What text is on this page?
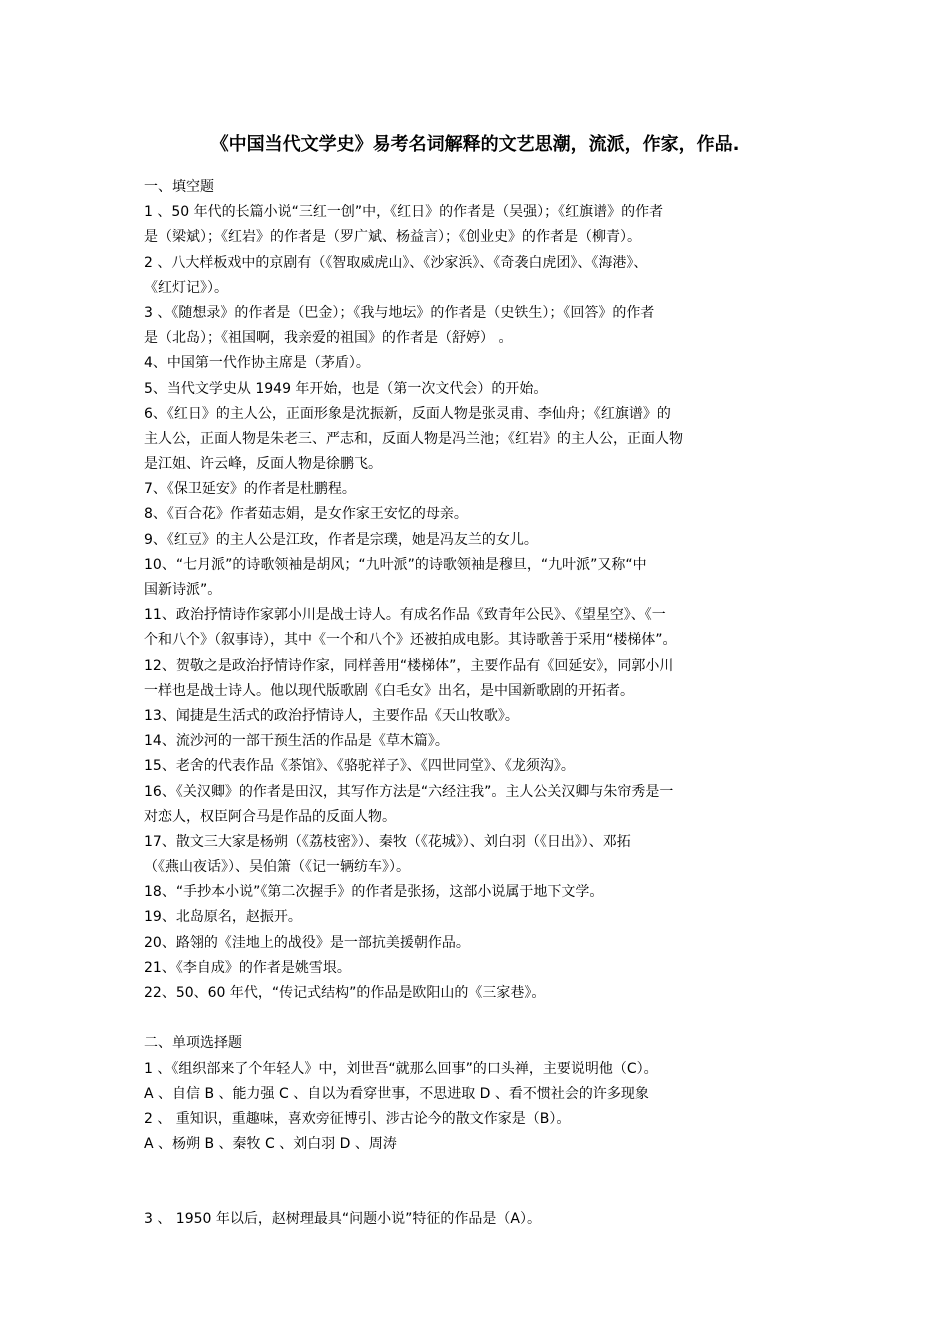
《中国当代文学史》易考名词解释的文艺思潮，流派，作家，作品.
一、填空题
1 、50 年代的长篇小说“三红一创”中，《红日》的作者是（吴强）；《红旗谱》的作者
是（梁斌）；《红岩》的作者是（罗广斌、杨益言）；《创业史》的作者是（柳青）。
2 、八大样板戏中的京剧有（《智取威虎山》、《沙家浜》、《奇袭白虎团》、《海港》、
《红灯记》）。
3 、《随想录》的作者是（巴金）；《我与地坛》的作者是（史铁生）；《回答》的作者
是（北岛）；《祖国啊，我亲爱的祖国》的作者是（舒婷） 。
4、中国第一代作协主席是（茅盾）。
5、当代文学史从 1949 年开始，也是（第一次文代会）的开始。
6、《红日》的主人公，正面形象是沈振新，反面人物是张灵甫、李仙舟；《红旗谱》的
主人公，正面人物是朱老三、严志和，反面人物是冯兰池；《红岩》的主人公，正面人物
是江姐、许云峰，反面人物是徐鹏飞。
7、《保卫延安》的作者是杜鹏程。
8、《百合花》作者茹志娟，是女作家王安忆的母亲。
9、《红豆》的主人公是江玫，作者是宗璞，她是冯友兰的女儿。
10、“七月派”的诗歌领袖是胡风；“九叶派”的诗歌领袖是穆旦，“九叶派”又称“中
国新诗派”。
11、政治抒情诗作家郭小川是战士诗人。有成名作品《致青年公民》、《望星空》、《一
个和八个》（叙事诗），其中《一个和八个》还被拍成电影。其诗歌善于采用“楼梯体”。
12、贺敬之是政治抒情诗作家，同样善用“楼梯体”，主要作品有《回延安》，同郭小川
一样也是战士诗人。他以现代版歌剧《白毛女》出名，是中国新歌剧的开拓者。
13、闻捷是生活式的政治抒情诗人，主要作品《天山牧歌》。
14、流沙河的一部干预生活的作品是《草木篇》。
15、老舍的代表作品《茶馆》、《骆驼祥子》、《四世同堂》、《龙须沟》。
16、《关汉卿》的作者是田汉，其写作方法是“六经注我”。主人公关汉卿与朱帘秀是一
对恋人，权臣阿合马是作品的反面人物。
17、散文三大家是杨朔（《荔枝密》）、秦牧（《花城》）、刘白羽（《日出》）、邓拓
（《燕山夜话》）、吴伯箫（《记一辆纺车》）。
18、“手抄本小说”《第二次握手》的作者是张扬，这部小说属于地下文学。
19、北岛原名，赵振开。
20、路翎的《洼地上的战役》是一部抗美援朝作品。
21、《李自成》的作者是姚雪垠。
22、50、60 年代，“传记式结构”的作品是欧阳山的《三家巷》。
二、单项选择题
1 、《组织部来了个年轻人》中，刘世吾“就那么回事”的口头禅，主要说明他（C）。
A 、自信 B 、能力强 C 、自以为看穿世事，不思进取 D 、看不惯社会的许多现象
2 、 重知识，重趣味，喜欢旁征博引、涉古论今的散文作家是（B）。
A 、杨朔 B 、秦牧 C 、刘白羽 D 、周涛
3 、 1950 年以后，赵树理最具“问题小说”特征的作品是（A）。
